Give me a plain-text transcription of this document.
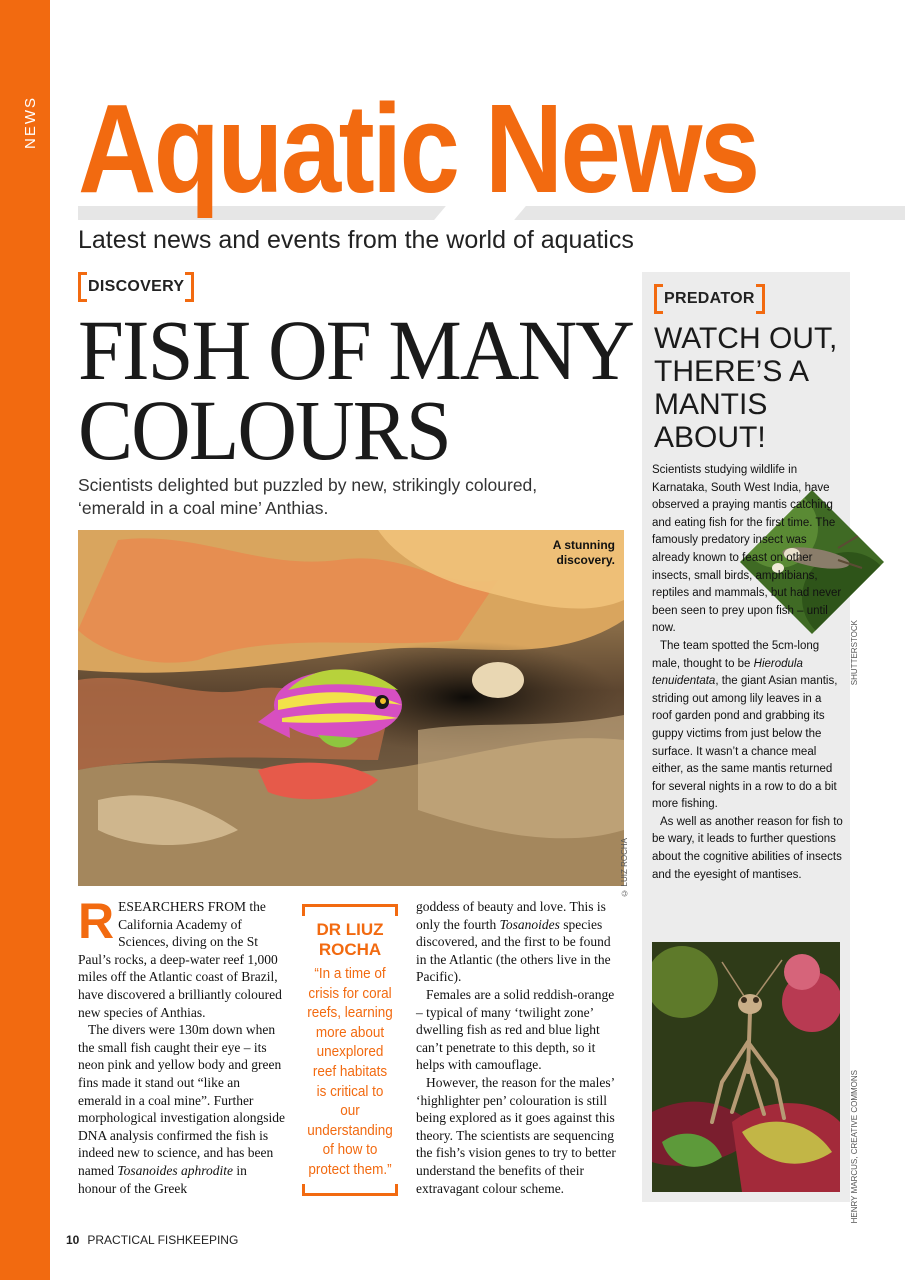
NEWS Aquatic News
Latest news and events from the world of aquatics
DISCOVERY
FISH OF MANY
COLOURS
Scientists delighted but puzzled by new, strikingly coloured, ‘emerald in a coal mine’ Anthias.
A stunning discovery.
© LUIZ ROCHA

RESEARCHERS FROM the California Academy of Sciences, diving on the St Paul’s rocks, a deep-water reef 1,000 miles off the Atlantic coast of Brazil, have discovered a brilliantly coloured new species of Anthias.

The divers were 130m down when the small fish caught their eye – its neon pink and yellow body and green fins made it stand out “like an emerald in a coal mine”. Further morphological investigation alongside DNA analysis confirmed the fish is indeed new to science, and has been named Tosanoides aphrodite in honour of the Greek

DR LIUZ ROCHA
“In a time of crisis for coral reefs, learning more about unexplored reef habitats is critical to our understanding of how to protect them.”

goddess of beauty and love. This is only the fourth Tosanoides species discovered, and the first to be found in the Atlantic (the others live in the Pacific).

Females are a solid reddish-orange – typical of many ‘twilight zone’ dwelling fish as red and blue light can’t penetrate to this depth, so it helps with camouflage.

However, the reason for the males’ ‘highlighter pen’ colouration is still being explored as it goes against this theory. The scientists are sequencing the fish’s vision genes to try to better understand the benefits of their extravagant colour scheme.

PREDATOR
WATCH OUT,
THERE’S A
MANTIS
ABOUT!

Scientists studying wildlife in Karnataka, South West India, have observed a praying mantis catching and eating fish for the first time. The famously predatory insect was already known to feast on other insects, small birds, amphibians, reptiles and mammals, but had never been seen to prey upon fish – until now.

The team spotted the 5cm-long male, thought to be Hierodula tenuidentata, the giant Asian mantis, striding out among lily leaves in a roof garden pond and grabbing its guppy victims from just below the surface. It wasn’t a chance meal either, as the same mantis returned for several nights in a row to do a bit more fishing.

As well as another reason for fish to be wary, it leads to further questions about the cognitive abilities of insects and the eyesight of mantises.

SHUTTERSTOCK
HENRY MARCUS, CREATIVE COMMONS
10 PRACTICAL FISHKEEPING
